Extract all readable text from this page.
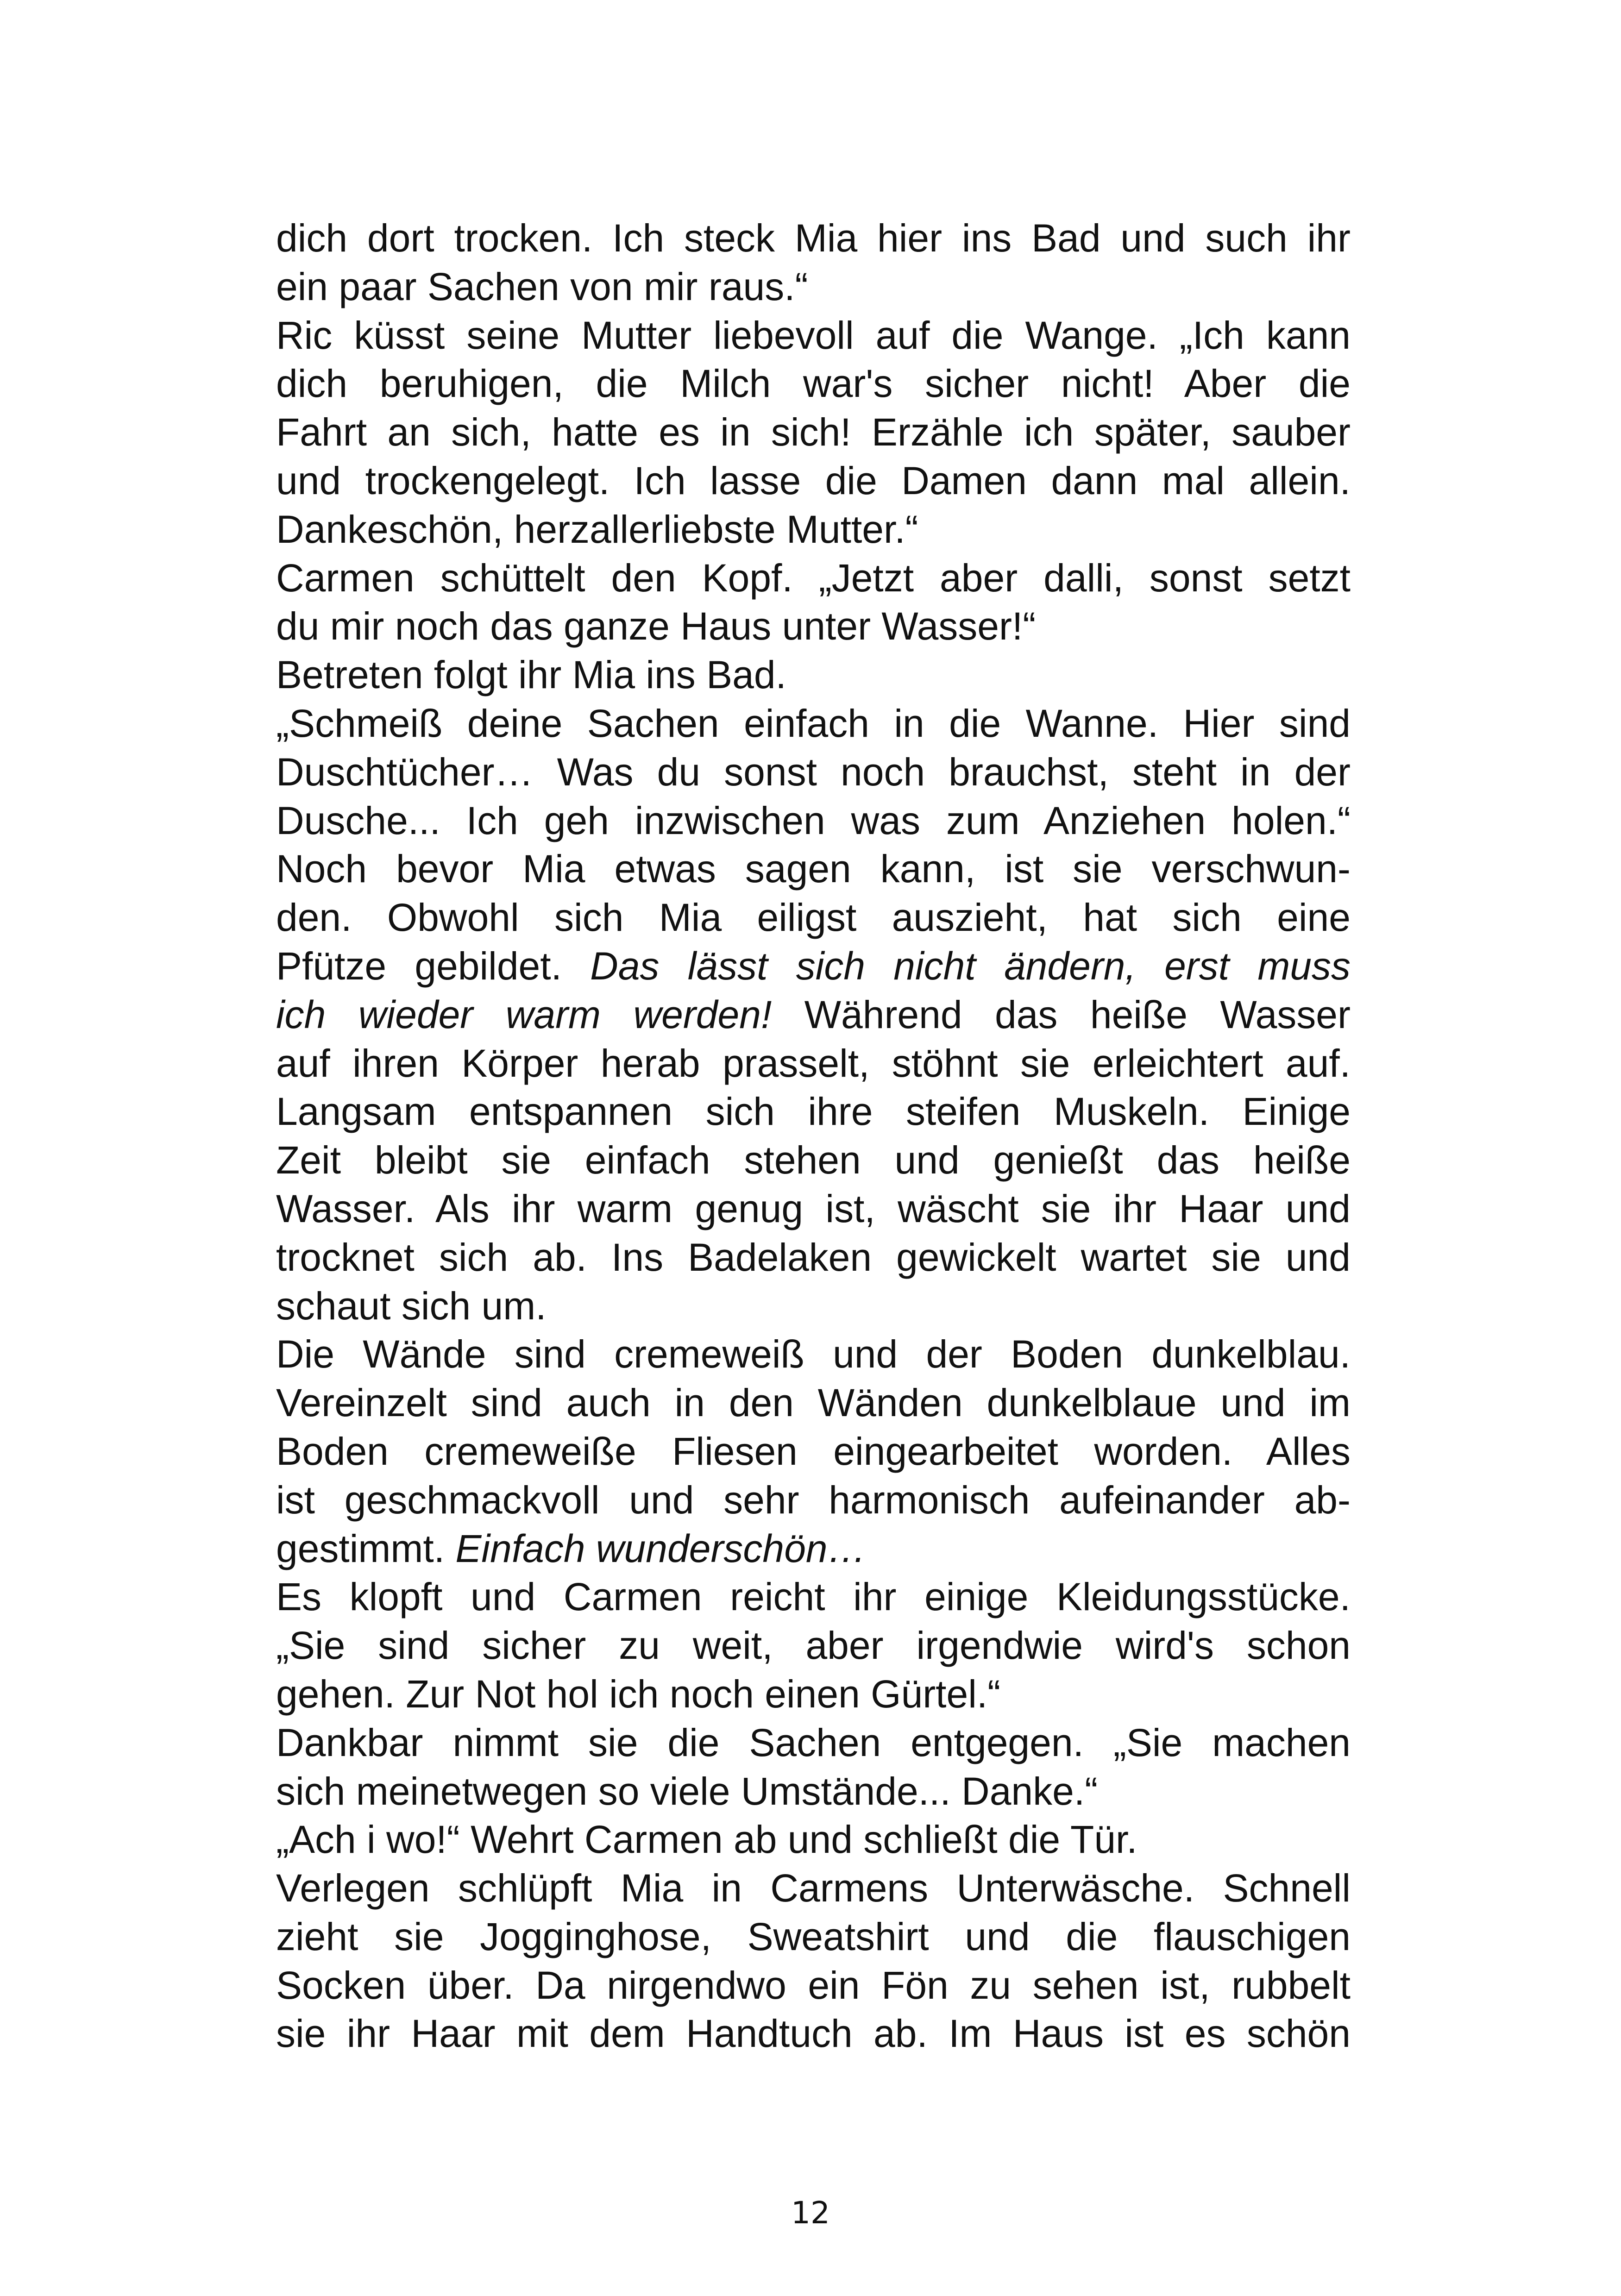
dich dort trocken. Ich steck Mia hier ins Bad und such ihr
ein paar Sachen von mir raus.“
Ric küsst seine Mutter liebevoll auf die Wange. „Ich kann
dich beruhigen, die Milch war's sicher nicht! Aber die
Fahrt an sich, hatte es in sich! Erzähle ich später, sauber
und trockengelegt. Ich lasse die Damen dann mal allein.
Dankeschön, herzallerliebste Mutter.“
Carmen schüttelt den Kopf. „Jetzt aber dalli, sonst setzt
du mir noch das ganze Haus unter Wasser!“
Betreten folgt ihr Mia ins Bad.
„Schmeiß deine Sachen einfach in die Wanne. Hier sind
Duschtücher… Was du sonst noch brauchst, steht in der
Dusche... Ich geh inzwischen was zum Anziehen holen.“
Noch bevor Mia etwas sagen kann, ist sie verschwun-
den. Obwohl sich Mia eiligst auszieht, hat sich eine
Pfütze gebildet. Das lässt sich nicht ändern, erst muss
ich wieder warm werden! Während das heiße Wasser
auf ihren Körper herab prasselt, stöhnt sie erleichtert auf.
Langsam entspannen sich ihre steifen Muskeln. Einige
Zeit bleibt sie einfach stehen und genießt das heiße
Wasser. Als ihr warm genug ist, wäscht sie ihr Haar und
trocknet sich ab. Ins Badelaken gewickelt wartet sie und
schaut sich um.
Die Wände sind cremeweiß und der Boden dunkelblau.
Vereinzelt sind auch in den Wänden dunkelblaue und im
Boden cremeweiße Fliesen eingearbeitet worden. Alles
ist geschmackvoll und sehr harmonisch aufeinander ab-
gestimmt. Einfach wunderschön…
Es klopft und Carmen reicht ihr einige Kleidungsstücke.
„Sie sind sicher zu weit, aber irgendwie wird's schon
gehen. Zur Not hol ich noch einen Gürtel.“
Dankbar nimmt sie die Sachen entgegen. „Sie machen
sich meinetwegen so viele Umstände... Danke.“
„Ach i wo!“ Wehrt Carmen ab und schließt die Tür.
Verlegen schlüpft Mia in Carmens Unterwäsche. Schnell
zieht sie Jogginghose, Sweatshirt und die flauschigen
Socken über. Da nirgendwo ein Fön zu sehen ist, rubbelt
sie ihr Haar mit dem Handtuch ab. Im Haus ist es schön
12
